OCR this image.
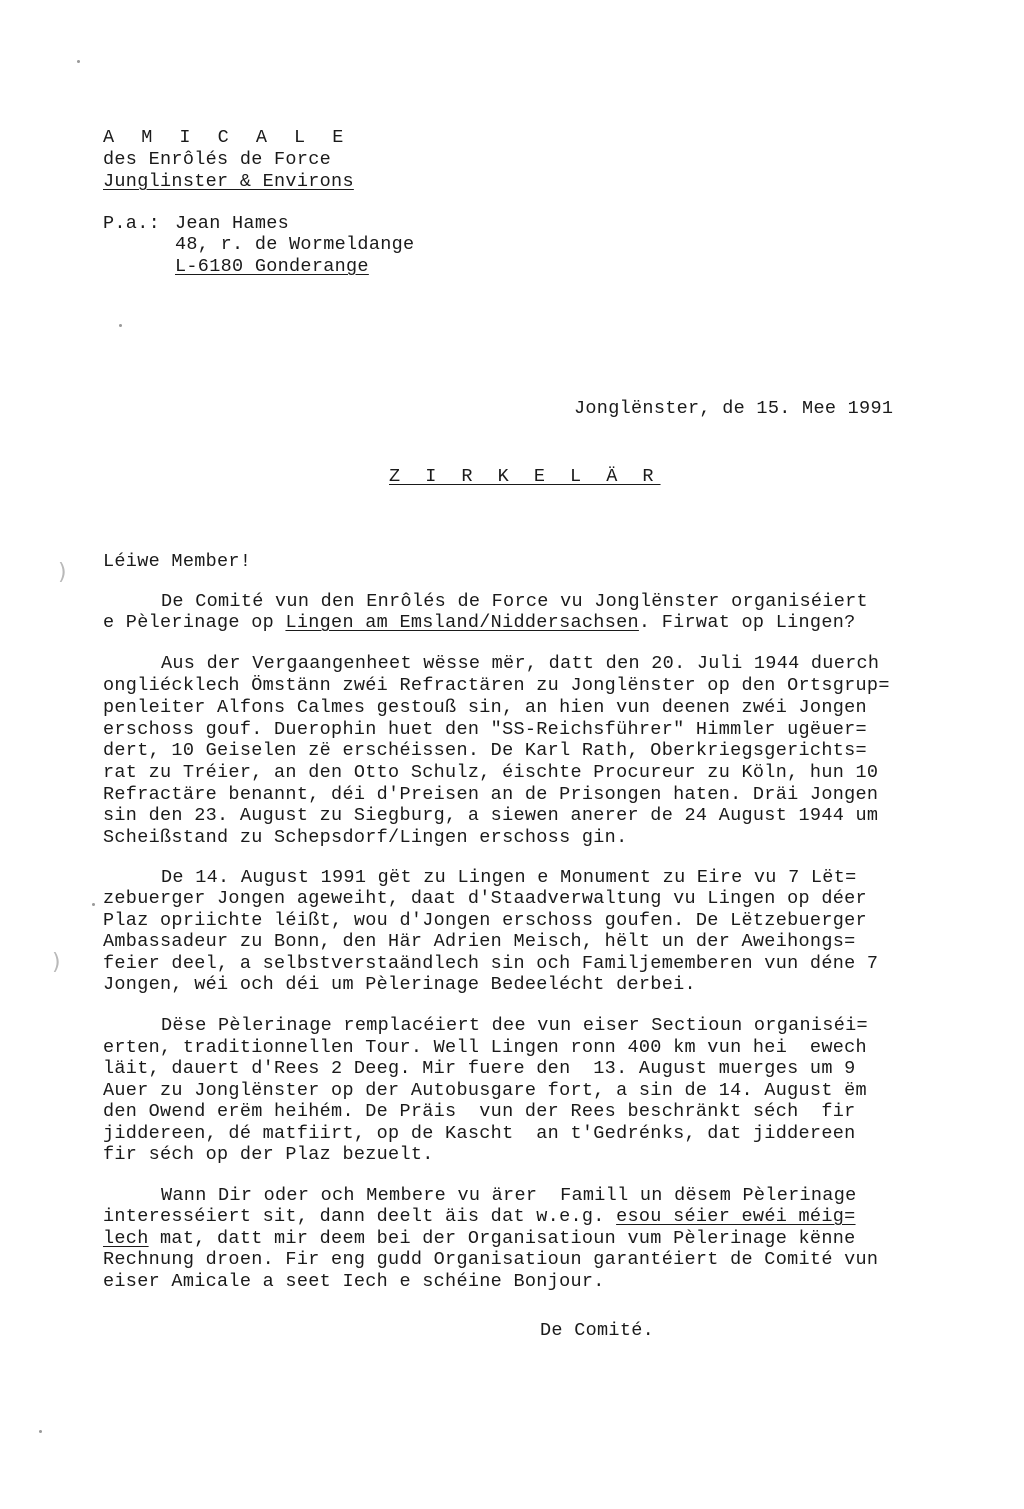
)
)
A M I C A L E
des Enrôlés de Force
Junglinster & Environs
P.a.: Jean Hames
48, r. de Wormeldange
L-6180 Gonderange
Jonglënster, de 15. Mee 1991
Z I R K E L Ä R
Léiwe Member!
De Comité vun den Enrôlés de Force vu Jonglënster organiséiert
e Pèlerinage op Lingen am Emsland/Niddersachsen. Firwat op Lingen?
Aus der Vergaangenheet wësse mër, datt den 20. Juli 1944 duerch
ongliécklech Ömstänn zwéi Refractären zu Jonglënster op den Ortsgrup=
penleiter Alfons Calmes gestouß sin, an hien vun deenen zwéi Jongen
erschoss gouf. Duerophin huet den "SS-Reichsführer" Himmler ugëuer=
dert, 10 Geiselen zë erschéissen. De Karl Rath, Oberkriegsgerichts=
rat zu Tréier, an den Otto Schulz, éischte Procureur zu Köln, hun 10
Refractäre benannt, déi d'Preisen an de Prisongen haten. Dräi Jongen
sin den 23. August zu Siegburg, a siewen anerer de 24 August 1944 um
Scheißstand zu Schepsdorf/Lingen erschoss gin.
De 14. August 1991 gët zu Lingen e Monument zu Eire vu 7 Lët=
zebuerger Jongen ageweiht, daat d'Staadverwaltung vu Lingen op déer
Plaz opriichte léißt, wou d'Jongen erschoss goufen. De Lëtzebuerger
Ambassadeur zu Bonn, den Här Adrien Meisch, hëlt un der Aweihongs=
feier deel, a selbstverstaändlech sin och Familjememberen vun déne 7
Jongen, wéi och déi um Pèlerinage Bedeelécht derbei.
Dëse Pèlerinage remplacéiert dee vun eiser Sectioun organiséi=
erten, traditionnellen Tour. Well Lingen ronn 400 km vun hei  ewech
läit, dauert d'Rees 2 Deeg. Mir fuere den  13. August muerges um 9
Auer zu Jonglënster op der Autobusgare fort, a sin de 14. August ëm
den Owend erëm heihém. De Präis  vun der Rees beschränkt séch  fir
jiddereen, dé matfiirt, op de Kascht  an t'Gedrénks, dat jiddereen
fir séch op der Plaz bezuelt.
Wann Dir oder och Membere vu ärer  Famill un dësem Pèlerinage
interesséiert sit, dann deelt äis dat w.e.g. esou séier ewéi méig=
lech mat, datt mir deem bei der Organisatioun vum Pèlerinage kënne
Rechnung droen. Fir eng gudd Organisatioun garantéiert de Comité vun
eiser Amicale a seet Iech e schéine Bonjour.
De Comité.
